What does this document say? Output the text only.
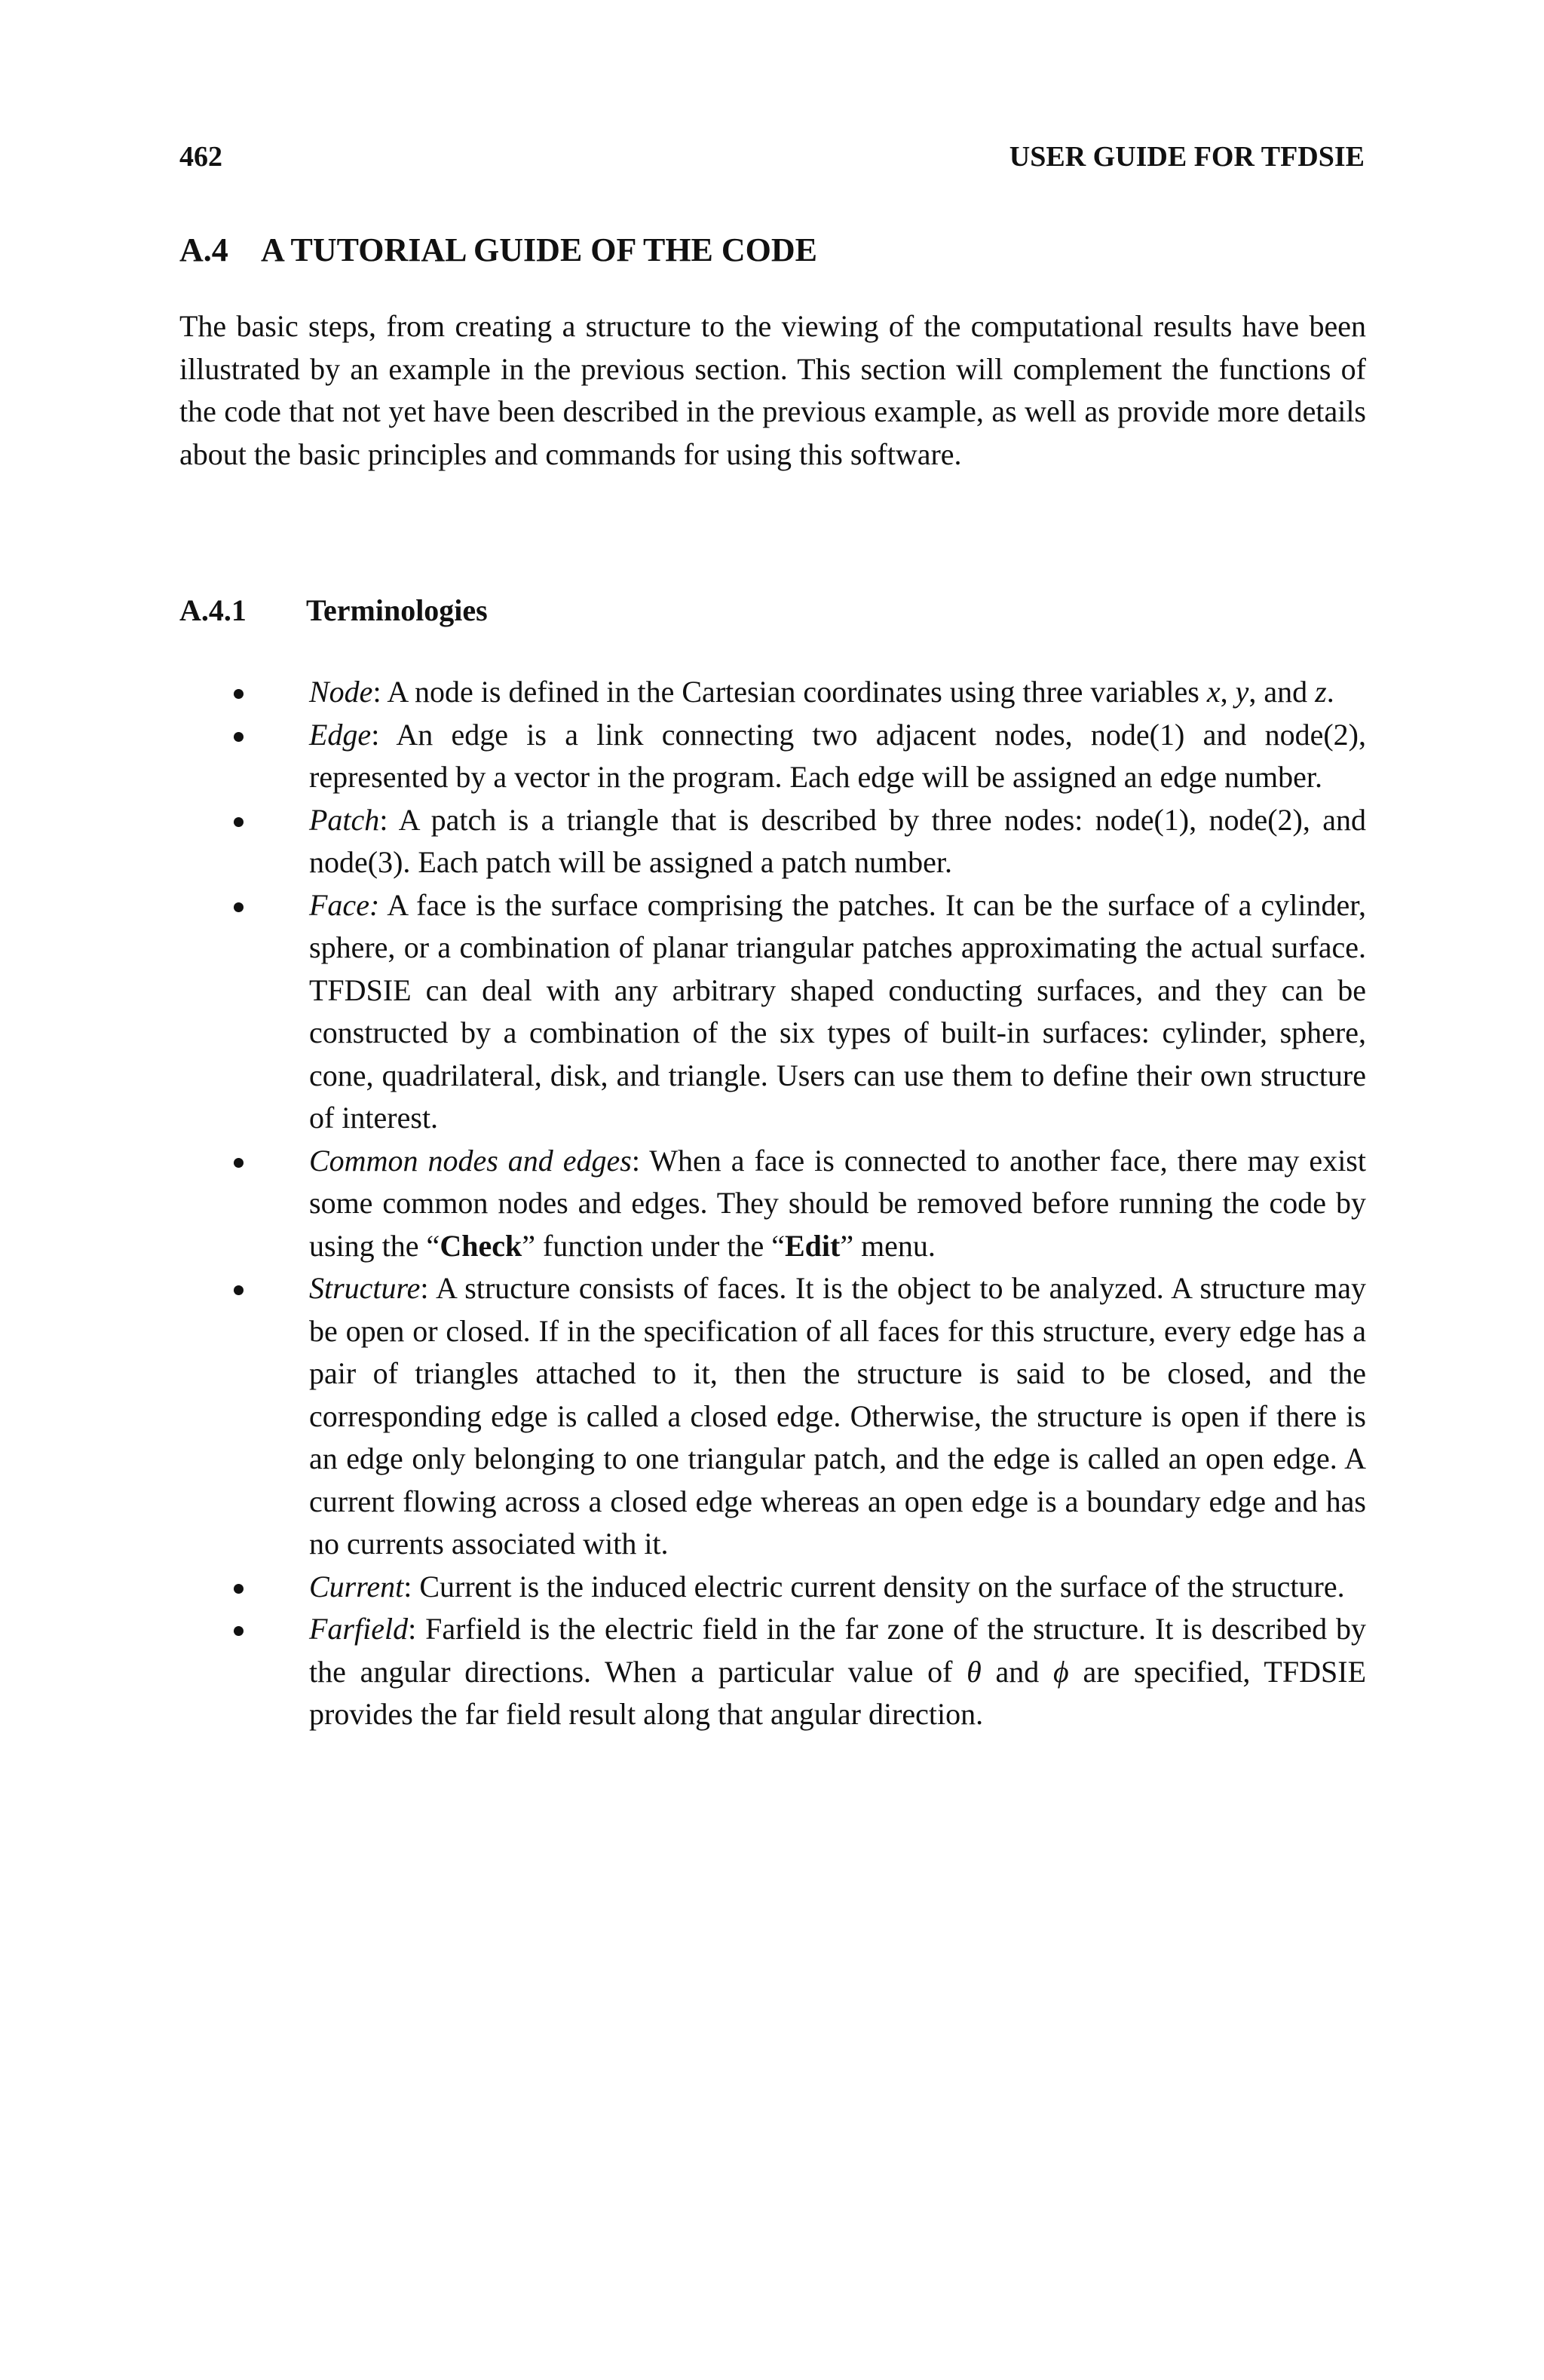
462	USER GUIDE FOR TFDSIE
A.4 A TUTORIAL GUIDE OF THE CODE

The basic steps, from creating a structure to the viewing of the computational results have been illustrated by an example in the previous section. This section will complement the functions of the code that not yet have been described in the previous example, as well as provide more details about the basic principles and commands for using this software.

A.4.1 Terminologies
Node: A node is defined in the Cartesian coordinates using three variables x, y, and z.
Edge: An edge is a link connecting two adjacent nodes, node(1) and node(2), represented by a vector in the program. Each edge will be assigned an edge number.
Patch: A patch is a triangle that is described by three nodes: node(1), node(2), and node(3). Each patch will be assigned a patch number.
Face: A face is the surface comprising the patches. It can be the surface of a cylinder, sphere, or a combination of planar triangular patches approximating the actual surface. TFDSIE can deal with any arbitrary shaped conducting surfaces, and they can be constructed by a combination of the six types of built-in surfaces: cylinder, sphere, cone, quadrilateral, disk, and triangle. Users can use them to define their own structure of interest.
Common nodes and edges: When a face is connected to another face, there may exist some common nodes and edges. They should be removed before running the code by using the “Check” function under the “Edit” menu.
Structure: A structure consists of faces. It is the object to be analyzed. A structure may be open or closed. If in the specification of all faces for this structure, every edge has a pair of triangles attached to it, then the structure is said to be closed, and the corresponding edge is called a closed edge. Otherwise, the structure is open if there is an edge only belonging to one triangular patch, and the edge is called an open edge. A current flowing across a closed edge whereas an open edge is a boundary edge and has no currents associated with it.
Current: Current is the induced electric current density on the surface of the structure.
Farfield: Farfield is the electric field in the far zone of the structure. It is described by the angular directions. When a particular value of θ and ϕ are specified, TFDSIE provides the far field result along that angular direction.
